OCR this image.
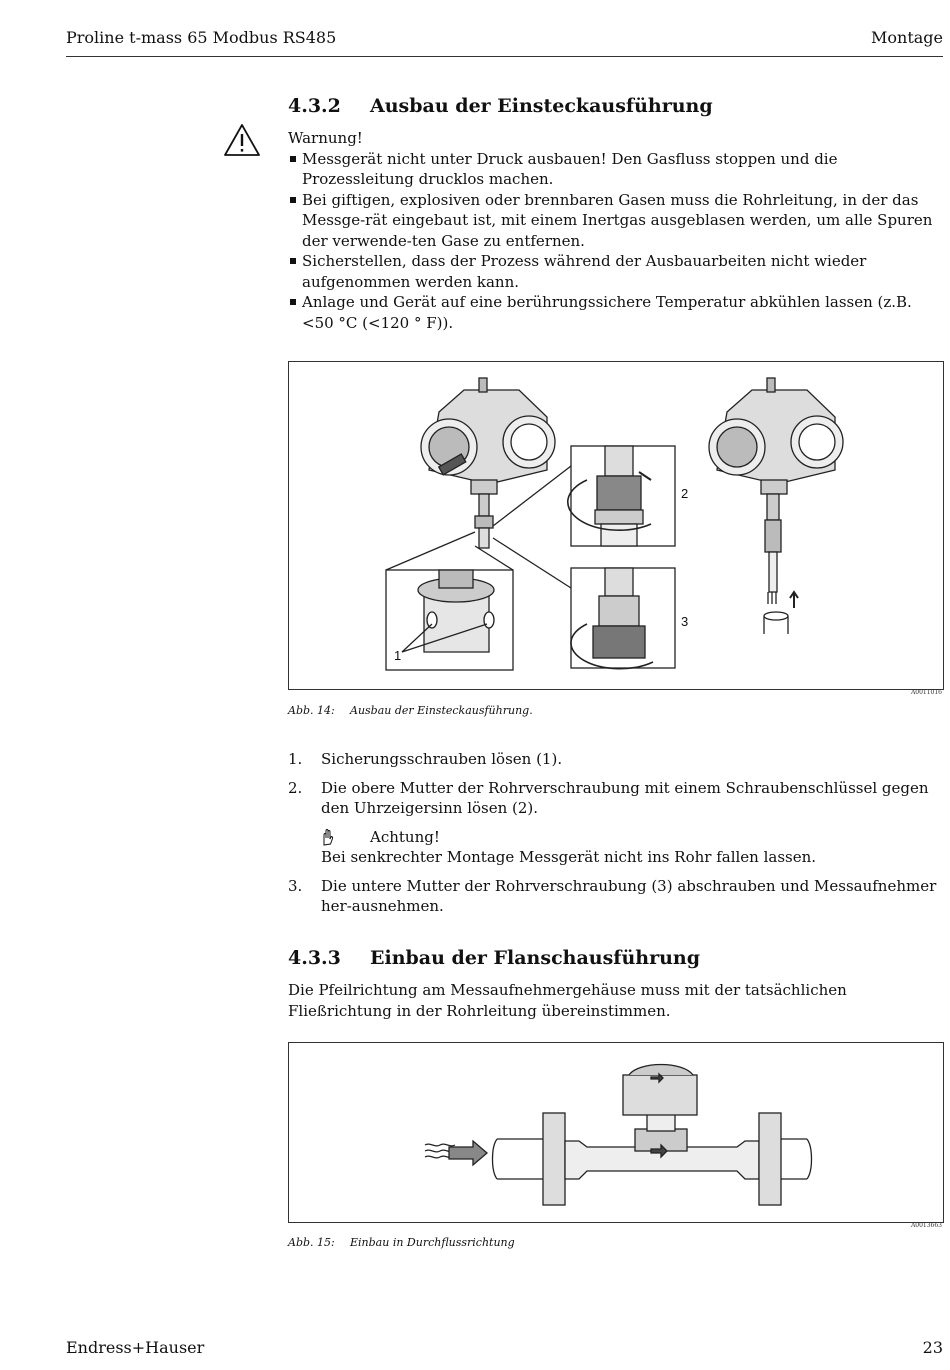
Proline t-mass 65 Modbus RS485	Montage
4.3.2 Ausbau der Einsteckausführung
Warnung!
Messgerät nicht unter Druck ausbauen! Den Gasfluss stoppen und die Prozessleitung drucklos machen.
Bei giftigen, explosiven oder brennbaren Gasen muss die Rohrleitung, in der das Messge-rät eingebaut ist, mit einem Inertgas ausgeblasen werden, um alle Spuren der verwende-ten Gase zu entfernen.
Sicherstellen, dass der Prozess während der Ausbauarbeiten nicht wieder aufgenommen werden kann.
Anlage und Gerät auf eine berührungssichere Temperatur abkühlen lassen (z.B. <50 °C (<120 ° F)).
1
2
3
A0011016
Abb. 14: Ausbau der Einsteckausführung.
1. Sicherungsschrauben lösen (1).
2. Die obere Mutter der Rohrverschraubung mit einem Schraubenschlüssel gegen den Uhrzeigersinn lösen (2).
Achtung!
Bei senkrechter Montage Messgerät nicht ins Rohr fallen lassen.
3. Die untere Mutter der Rohrverschraubung (3) abschrauben und Messaufnehmer her-ausnehmen.
4.3.3 Einbau der Flanschausführung
Die Pfeilrichtung am Messaufnehmergehäuse muss mit der tatsächlichen Fließrichtung in der Rohrleitung übereinstimmen.
A0013663
Abb. 15: Einbau in Durchflussrichtung
Endress+Hauser	23
